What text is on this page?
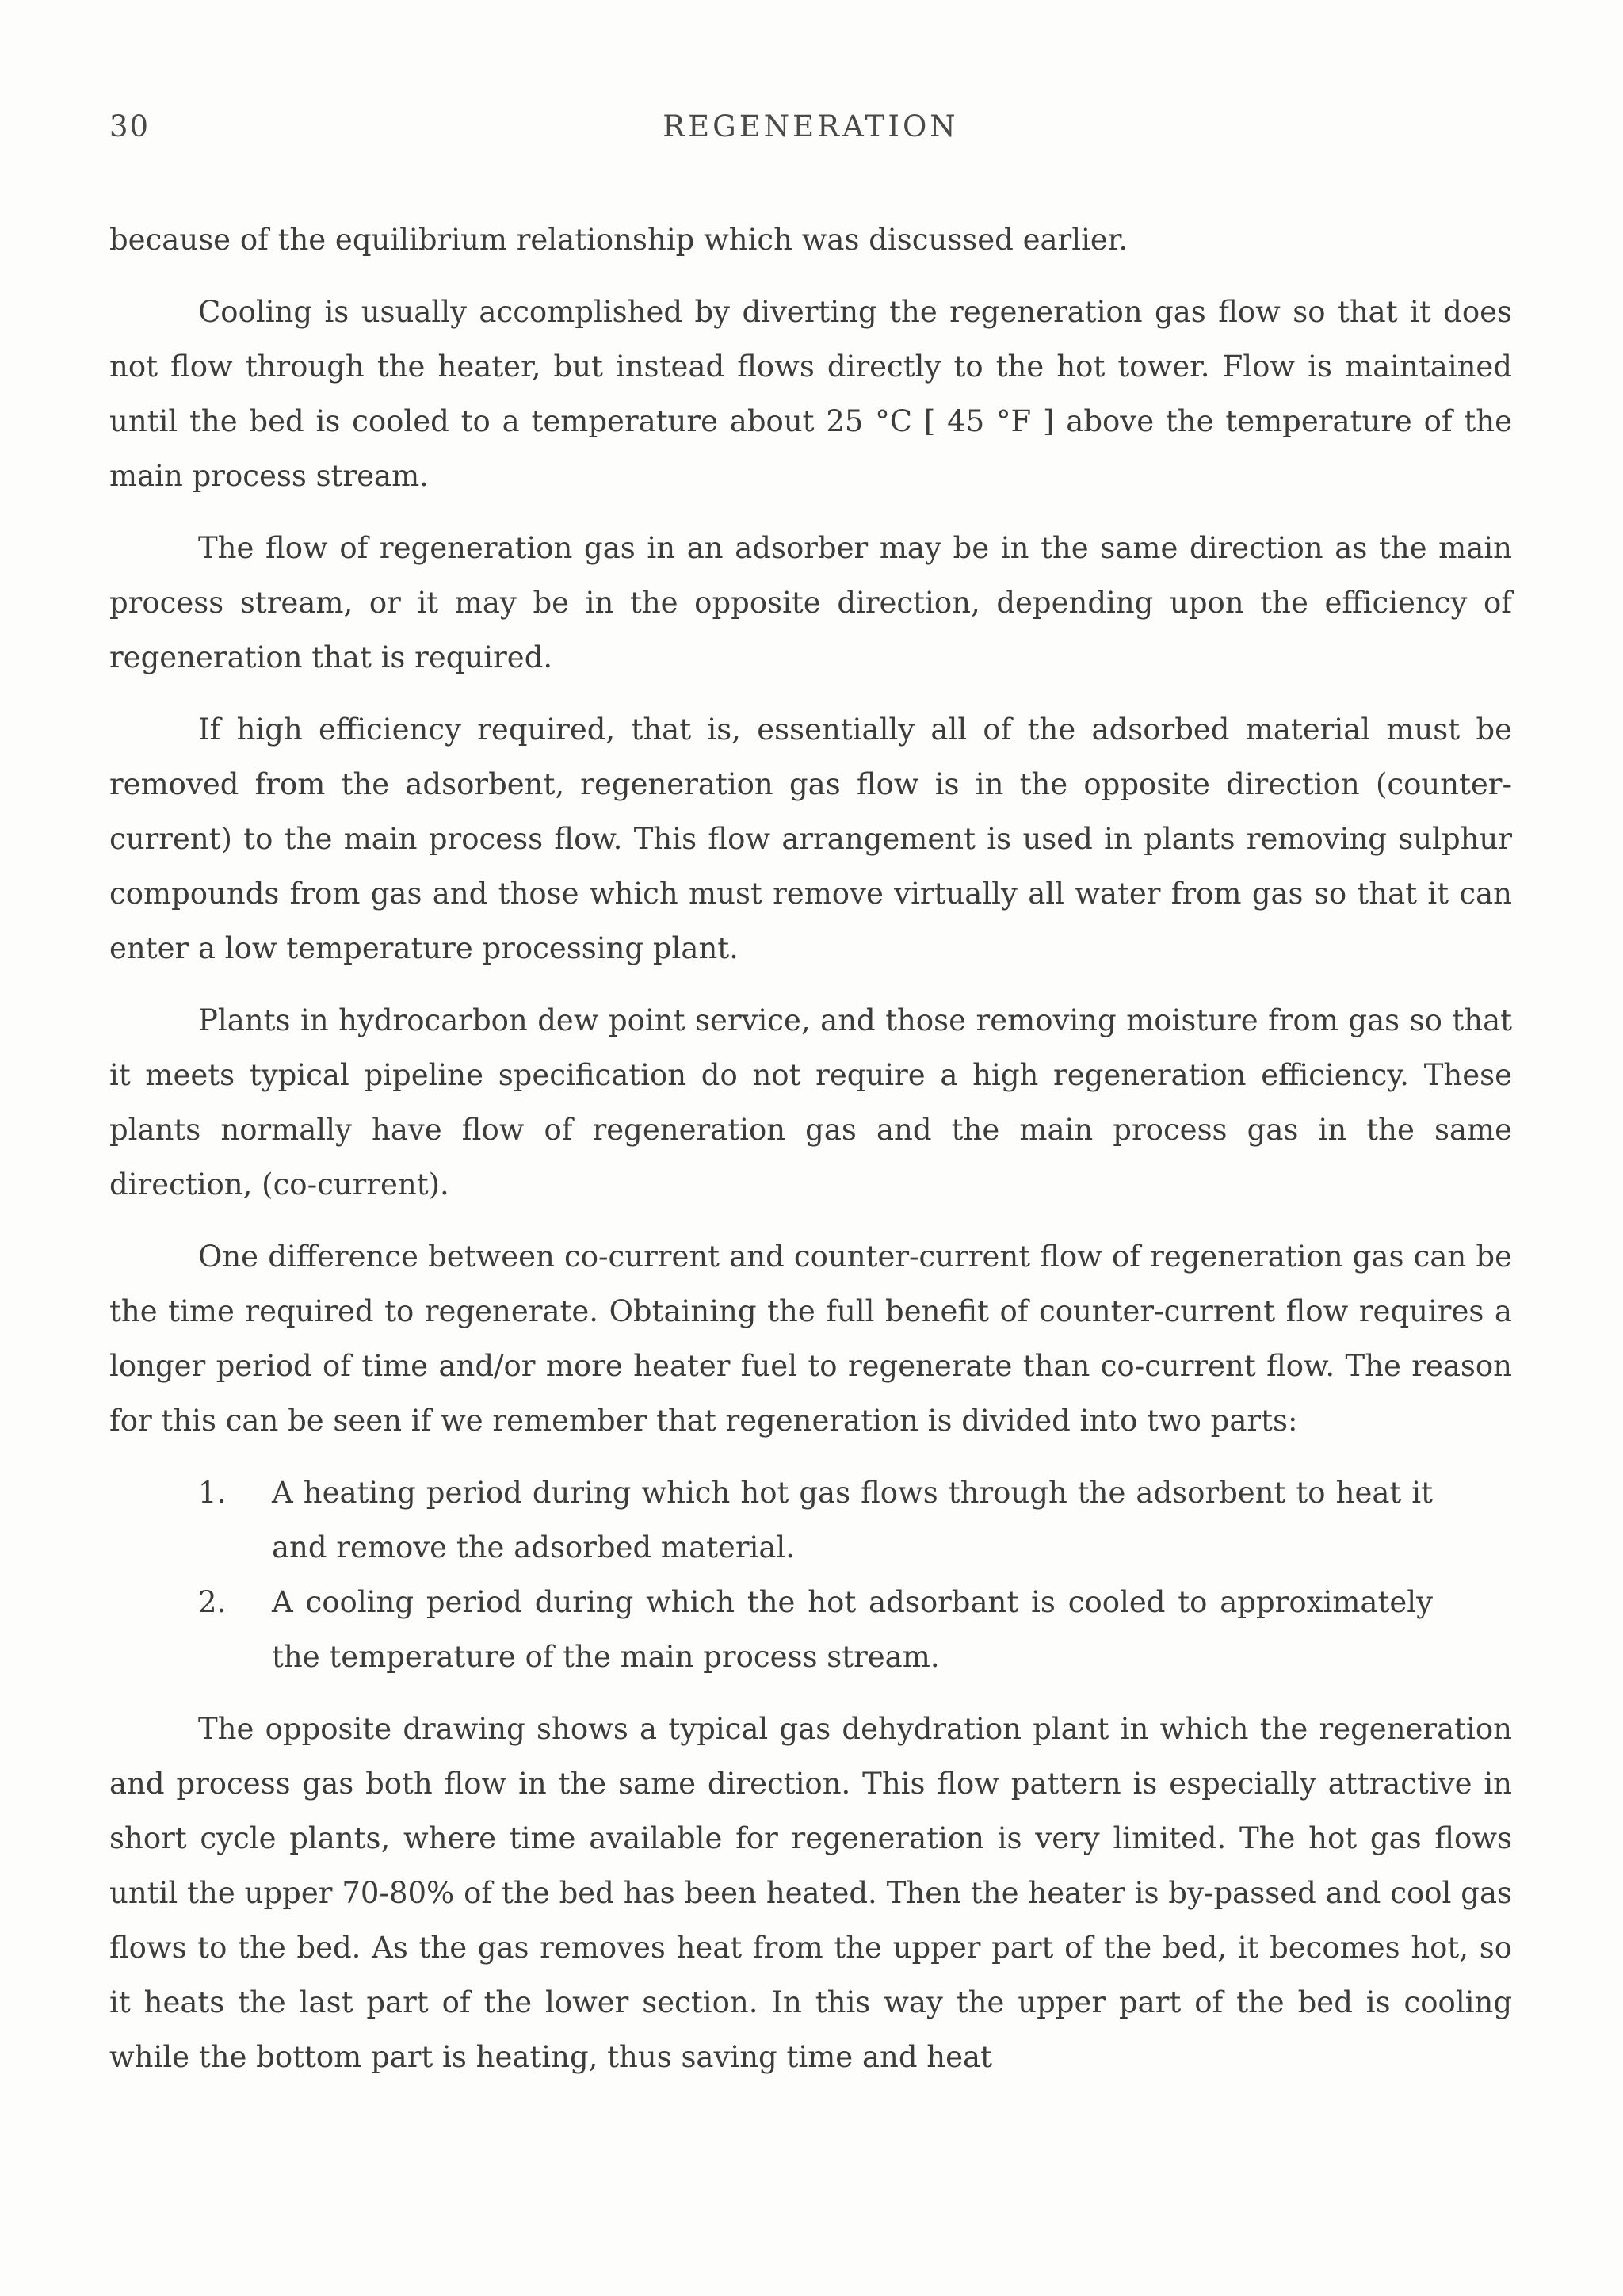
30	REGENERATION

because of the equilibrium relationship which was discussed earlier.

Cooling is usually accomplished by diverting the regeneration gas flow so that it does not flow through the heater, but instead flows directly to the hot tower. Flow is maintained until the bed is cooled to a temperature about 25 °C [ 45 °F ] above the temperature of the main process stream.

The flow of regeneration gas in an adsorber may be in the same direction as the main process stream, or it may be in the opposite direction, depending upon the efficiency of regeneration that is required.

If high efficiency required, that is, essentially all of the adsorbed material must be removed from the adsorbent, regeneration gas flow is in the opposite direction (counter-current) to the main process flow. This flow arrangement is used in plants removing sulphur compounds from gas and those which must remove virtually all water from gas so that it can enter a low temperature processing plant.

Plants in hydrocarbon dew point service, and those removing moisture from gas so that it meets typical pipeline specification do not require a high regeneration efficiency. These plants normally have flow of regeneration gas and the main process gas in the same direction, (co-current).

One difference between co-current and counter-current flow of regeneration gas can be the time required to regenerate. Obtaining the full benefit of counter-current flow requires a longer period of time and/or more heater fuel to regenerate than co-current flow. The reason for this can be seen if we remember that regeneration is divided into two parts:

1. A heating period during which hot gas flows through the adsorbent to heat it and remove the adsorbed material.
2. A cooling period during which the hot adsorbant is cooled to approximately the temperature of the main process stream.

The opposite drawing shows a typical gas dehydration plant in which the regeneration and process gas both flow in the same direction. This flow pattern is especially attractive in short cycle plants, where time available for regeneration is very limited. The hot gas flows until the upper 70-80% of the bed has been heated. Then the heater is by-passed and cool gas flows to the bed. As the gas removes heat from the upper part of the bed, it becomes hot, so it heats the last part of the lower section. In this way the upper part of the bed is cooling while the bottom part is heating, thus saving time and heat
